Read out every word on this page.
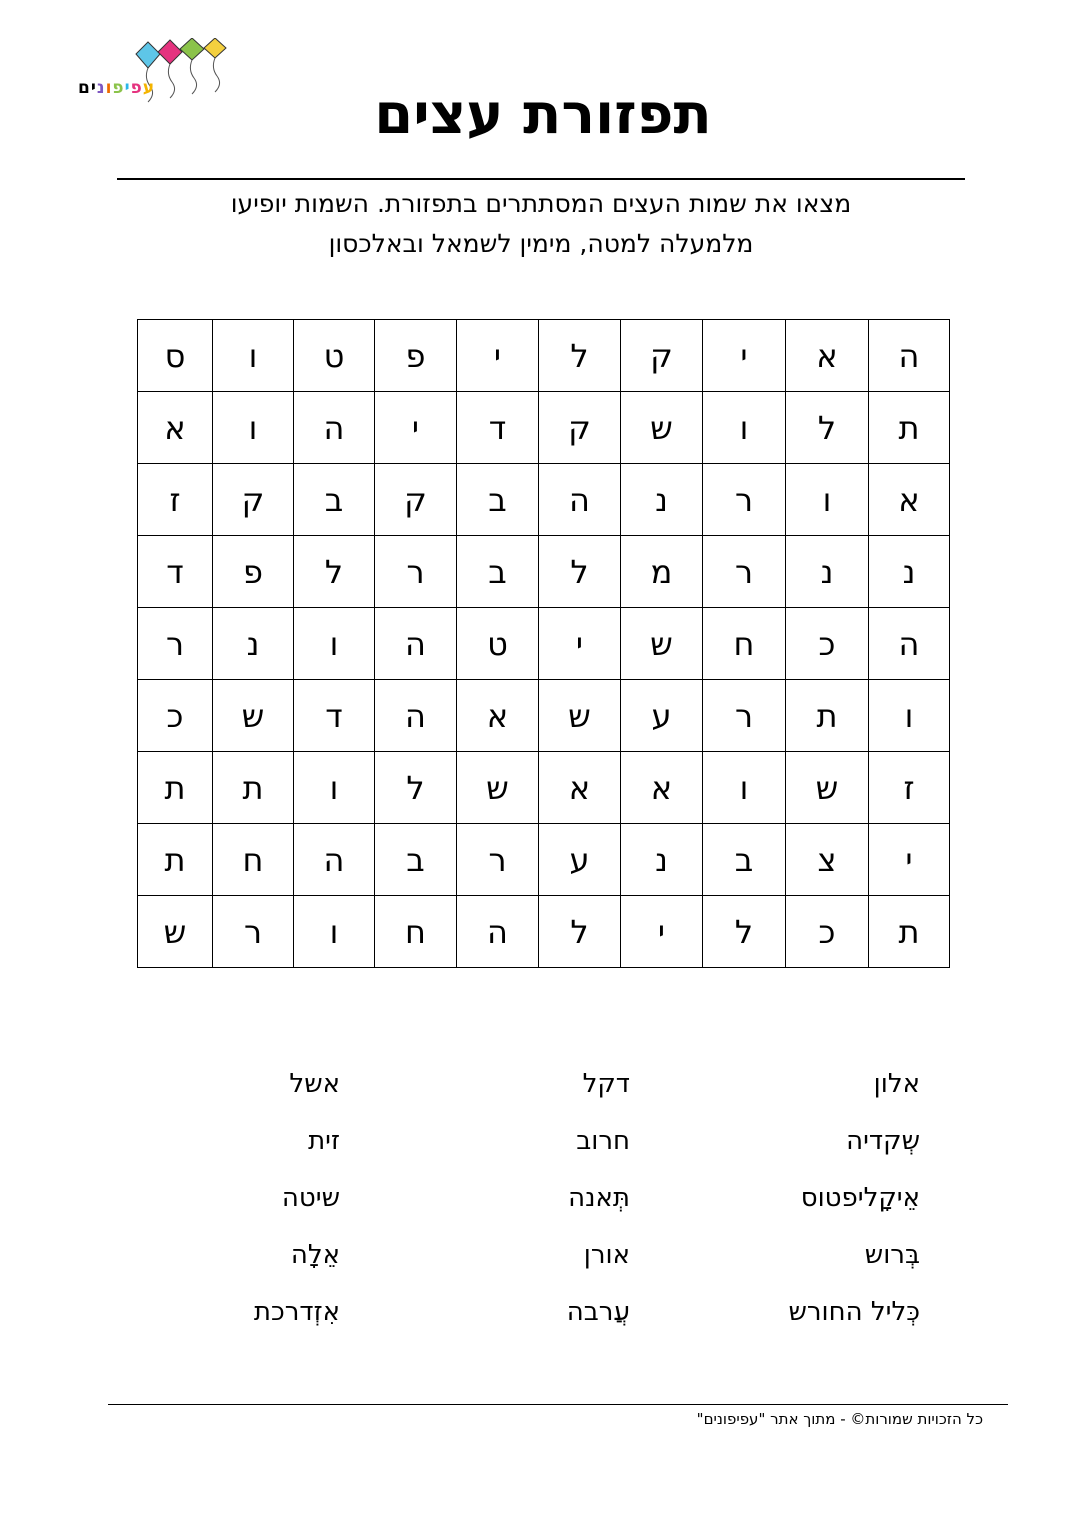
עפיפונים	תפזורת עצים
מצאו את שמות העצים המסתתרים בתפזורת. השמות יופיעו
מלמעלה למטה, מימין לשמאל ובאלכסון
ה	א	י	ק	ל	י	פ	ט	ו	ס
ת	ל	ו	ש	ק	ד	י	ה	ו	א
א	ו	ר	נ	ה	ב	ק	ב	ק	ז
נ	נ	ר	מ	ל	ב	ר	ל	פ	ד
ה	כ	ח	ש	י	ט	ה	ו	נ	ר
ו	ת	ר	ע	ש	א	ה	ד	ש	כ
ז	ש	ו	א	א	ש	ל	ו	ת	ת
י	צ	ב	נ	ע	ר	ב	ה	ח	ת
ת	כ	ל	י	ל	ה	ח	ו	ר	ש
אלון
שְקדיה
אֵיקָליפטוס
בְּרוש
כְּליל החורש
דקל
חרוב
תְּאנה
אורן
עֲרבה
אשל
זית
שיטה
אֵלָה
אִזְדרכת
כל הזכויות שמורות© - מתוך אתר "עפיפונים"
